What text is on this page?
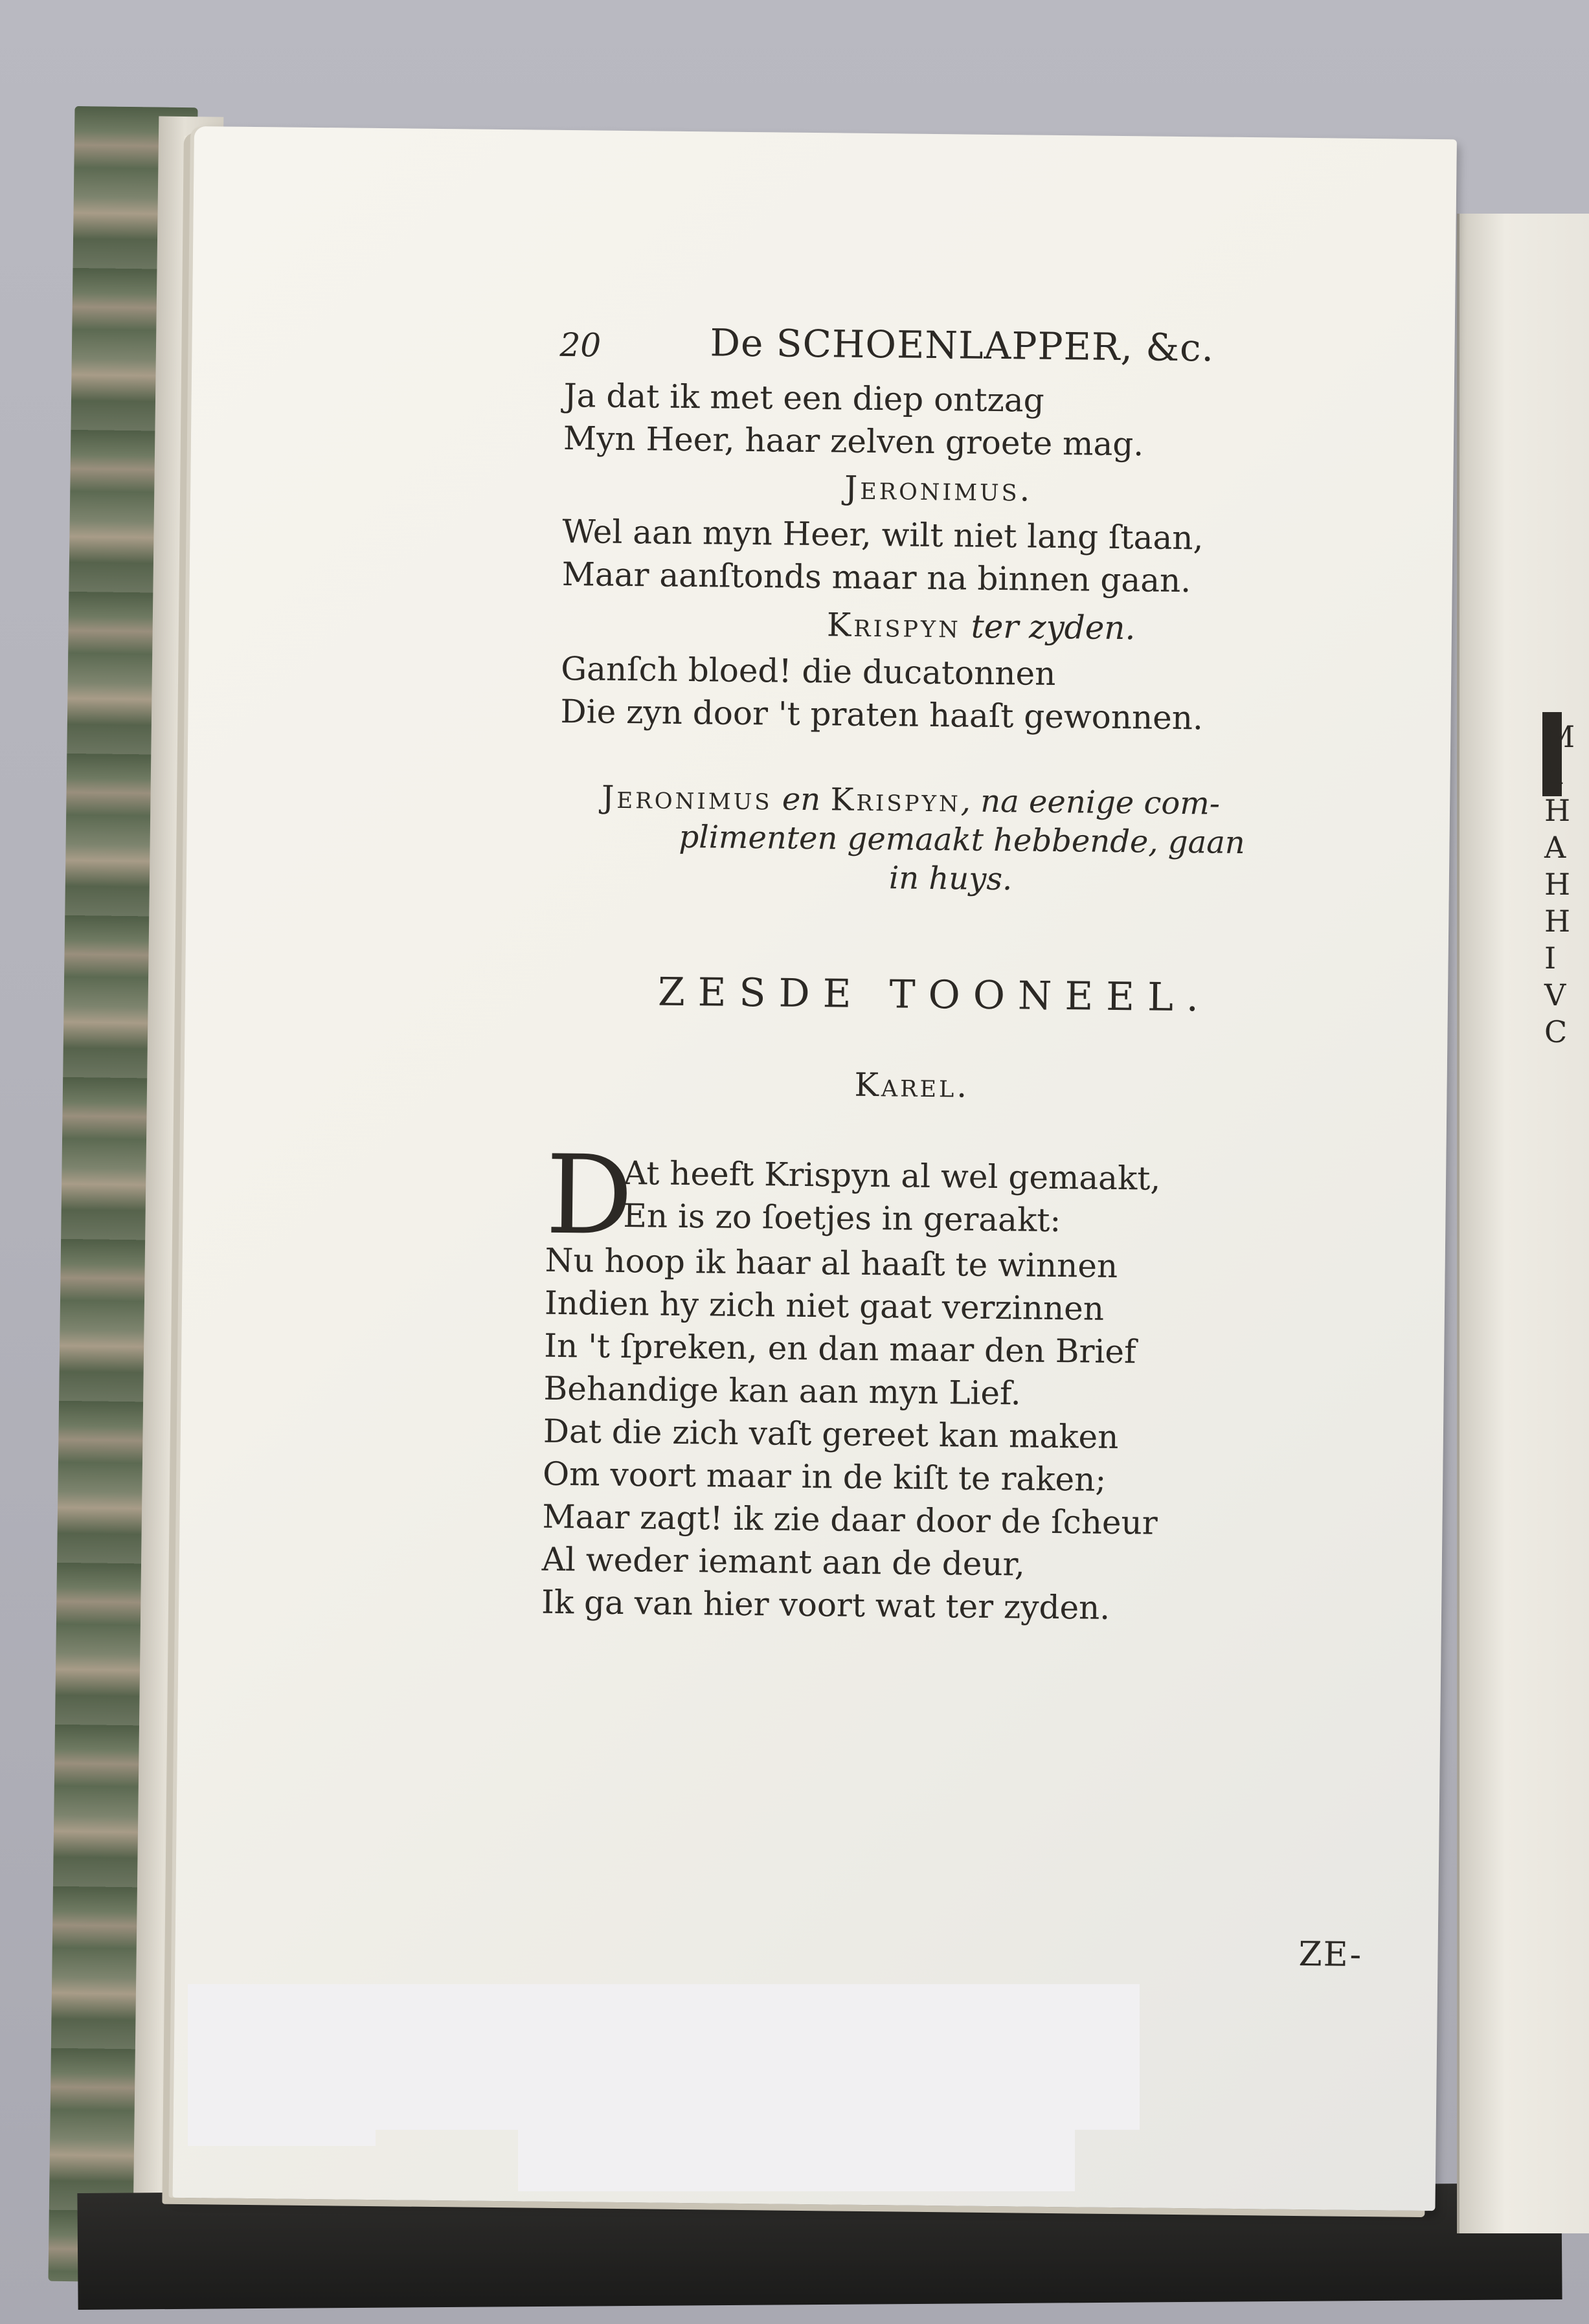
M
h
H
A
H
H
I
V
C
20	De SCHOENLAPPER, &c.
Ja dat ik met een diep ontzag
Myn Heer, haar zelven groete mag.
Jeronimus.
Wel aan myn Heer, wilt niet lang ſtaan,
Maar aanſtonds maar na binnen gaan.
Krispyn ter zyden.
Ganſch bloed! die ducatonnen
Die zyn door 't praten haaſt gewonnen.
Jeronimus en Krispyn, na eenige com-
plimenten gemaakt hebbende, gaan
in huys.
ZESDE TOONEEL.
Karel.
D
At heeft Krispyn al wel gemaakt,
En is zo ſoetjes in geraakt:
Nu hoop ik haar al haaſt te winnen
Indien hy zich niet gaat verzinnen
In 't ſpreken, en dan maar den Brief
Behandige kan aan myn Lief.
Dat die zich vaſt gereet kan maken
Om voort maar in de kiſt te raken;
Maar zagt! ik zie daar door de ſcheur
Al weder iemant aan de deur,
Ik ga van hier voort wat ter zyden.
ZE-
